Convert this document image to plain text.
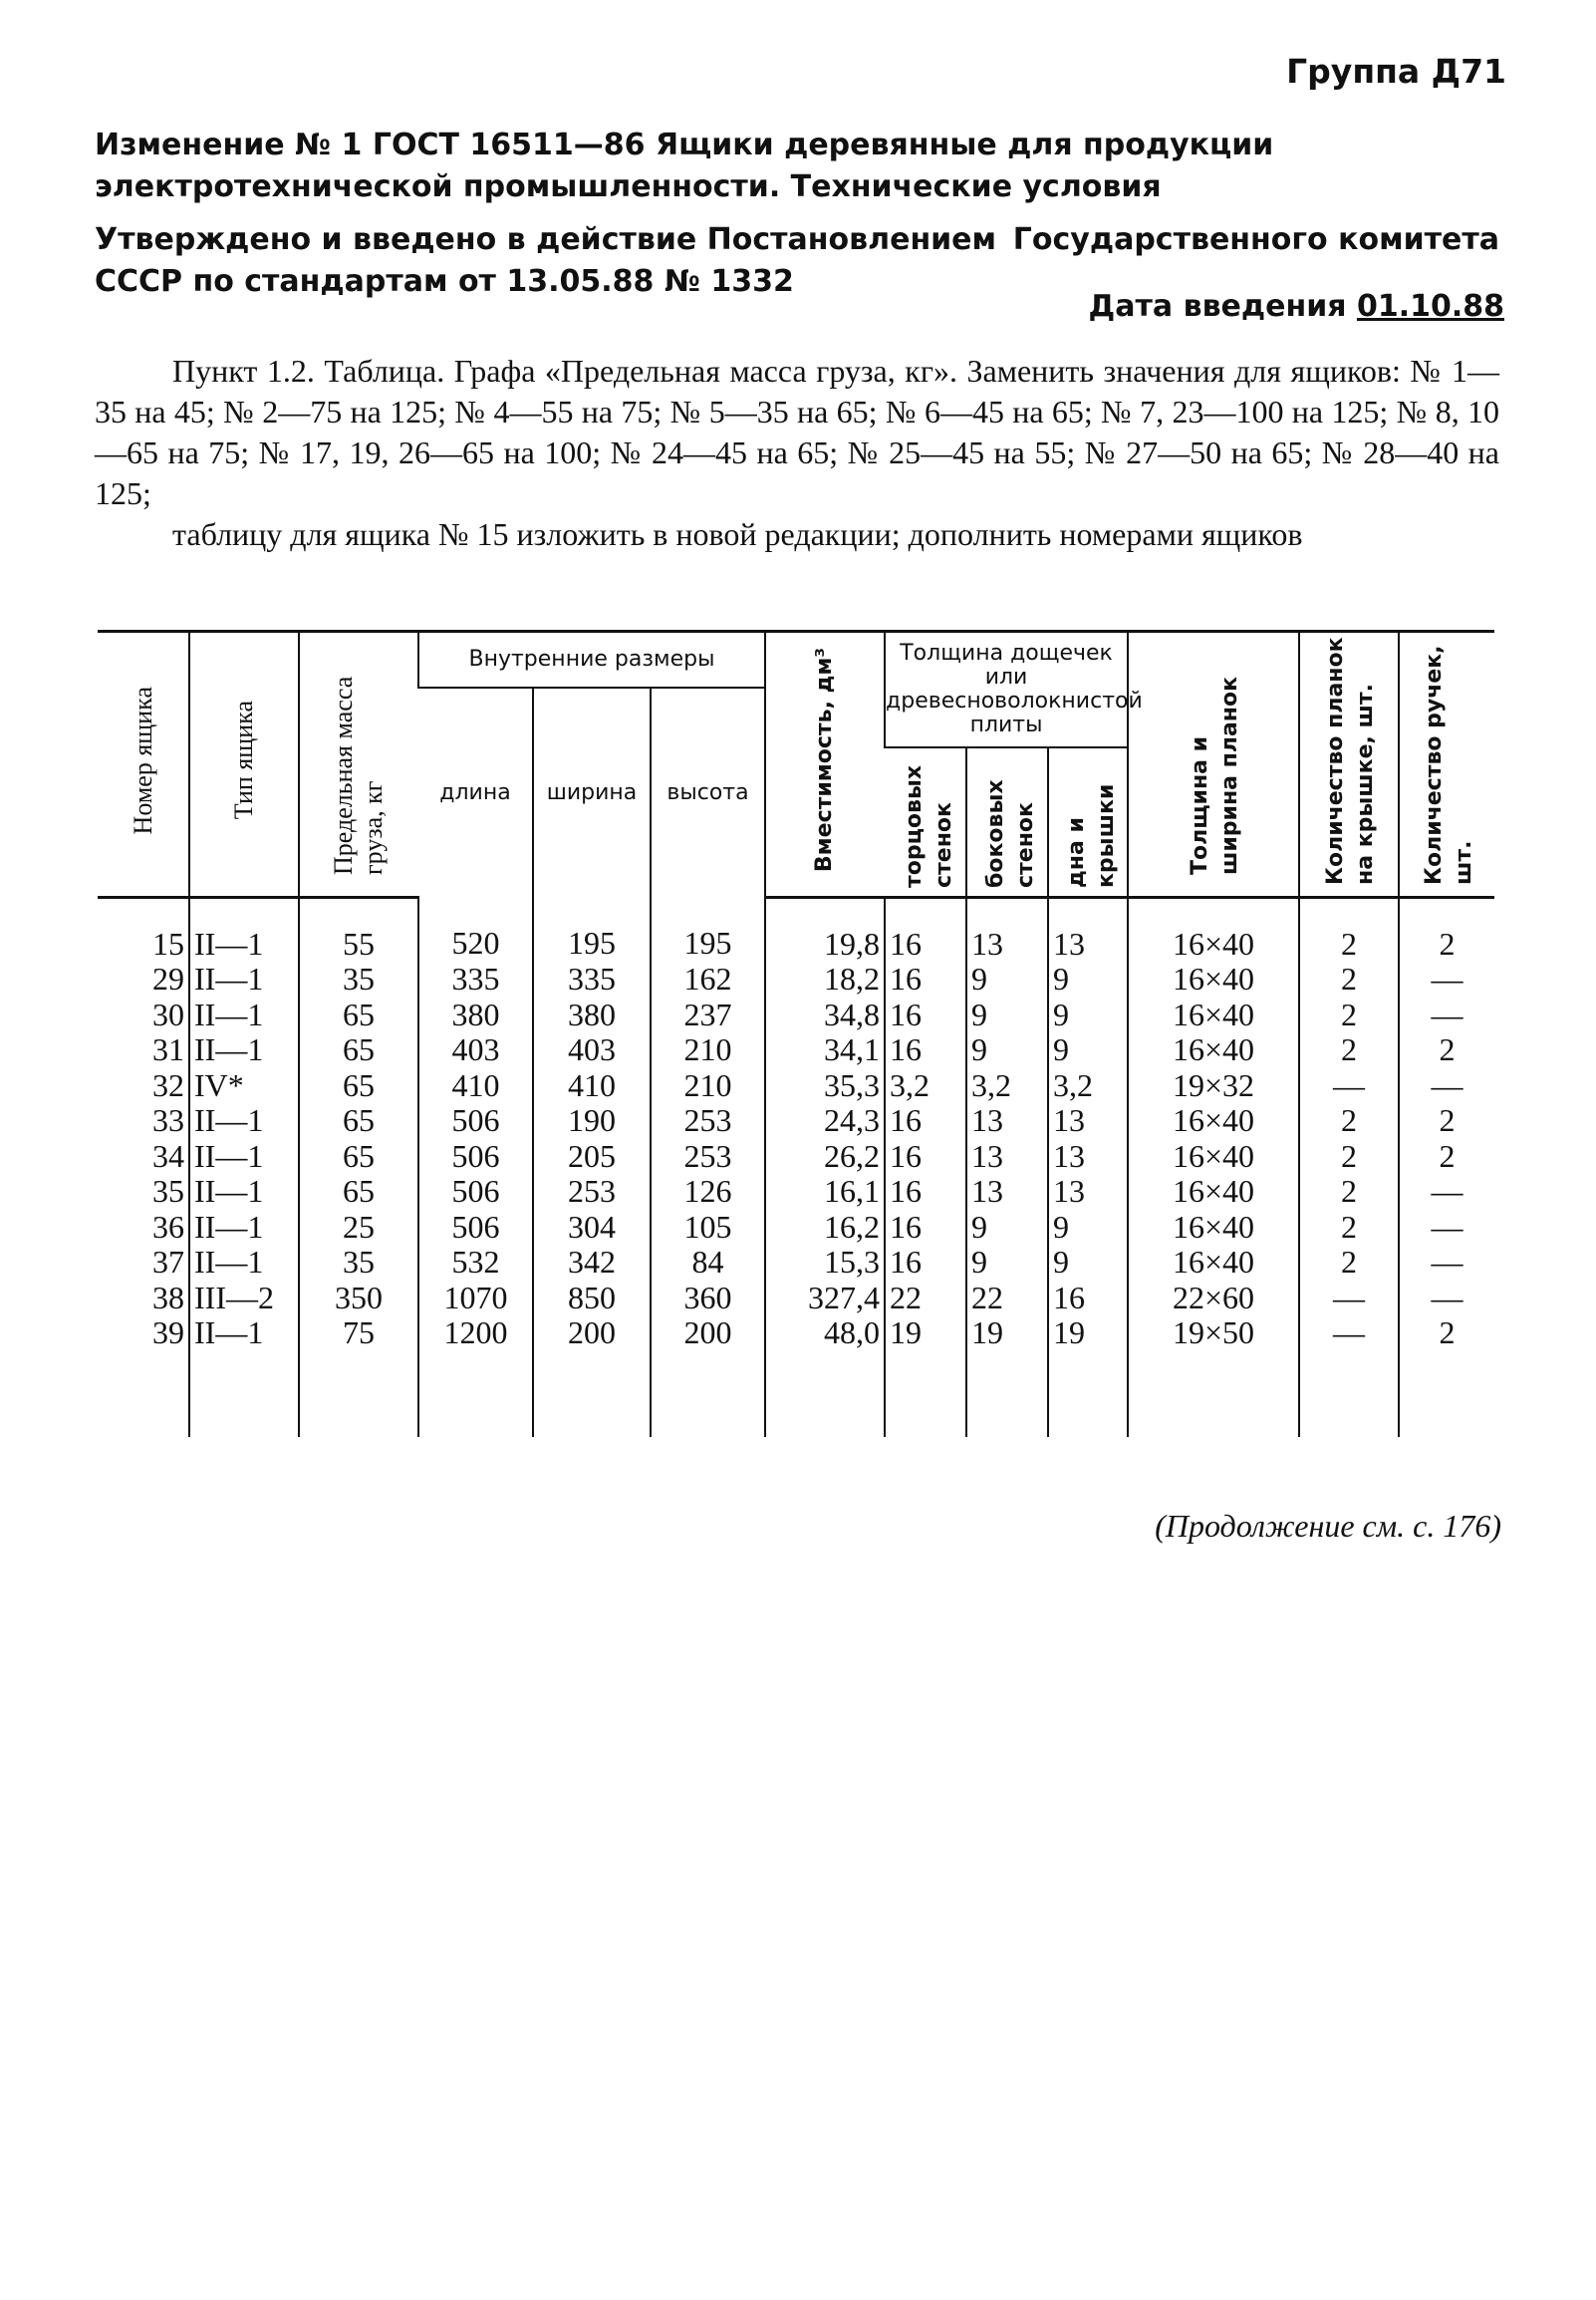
Группа Д71
Изменение № 1 ГОСТ 16511—86 Ящики деревянные для продукции электротехнической промышленности. Технические условия
Утверждено и введено в действие Постановлением Государственного комитета
СССР по стандартам от 13.05.88 № 1332
Дата введения 01.10.88

Пункт 1.2. Таблица. Графа «Предельная масса груза, кг». Заменить значения для ящиков: № 1—35 на 45; № 2—75 на 125; № 4—55 на 75; № 5—35 на 65; № 6—45 на 65; № 7, 23—100 на 125; № 8, 10—65 на 75; № 17, 19, 26—65 на 100; № 24—45 на 65; № 25—45 на 55; № 27—50 на 65; № 28—40 на 125;

таблицу для ящика № 15 изложить в новой редакции; дополнить номерами ящиков

Номер ящика	Тип ящика	Предельная масса груза, кг	Внутренние размеры			Вместимость, дм³	Толщина дощечек или древесноволокнистой плиты			Толщина и ширина планок	Количество планок на крышке, шт.	Количество ручек, шт.
			длина	ширина	высота							
							торцовых стенок	боковых стенок	дна и крышки			
15	II—1	55	520	195	195	19,8	16	13	13	16×40	2	2
29	II—1	35	335	335	162	18,2	16	9	9	16×40	2	—
30	II—1	65	380	380	237	34,8	16	9	9	16×40	2	—
31	II—1	65	403	403	210	34,1	16	9	9	16×40	2	2
32	IV*	65	410	410	210	35,3	3,2	3,2	3,2	19×32	—	—
33	II—1	65	506	190	253	24,3	16	13	13	16×40	2	2
34	II—1	65	506	205	253	26,2	16	13	13	16×40	2	2
35	II—1	65	506	253	126	16,1	16	13	13	16×40	2	—
36	II—1	25	506	304	105	16,2	16	9	9	16×40	2	—
37	II—1	35	532	342	84	15,3	16	9	9	16×40	2	—
38	III—2	350	1070	850	360	327,4	22	22	16	22×60	—	—
39	II—1	75	1200	200	200	48,0	19	19	19	19×50	—	2
(Продолжение см. с. 176)
